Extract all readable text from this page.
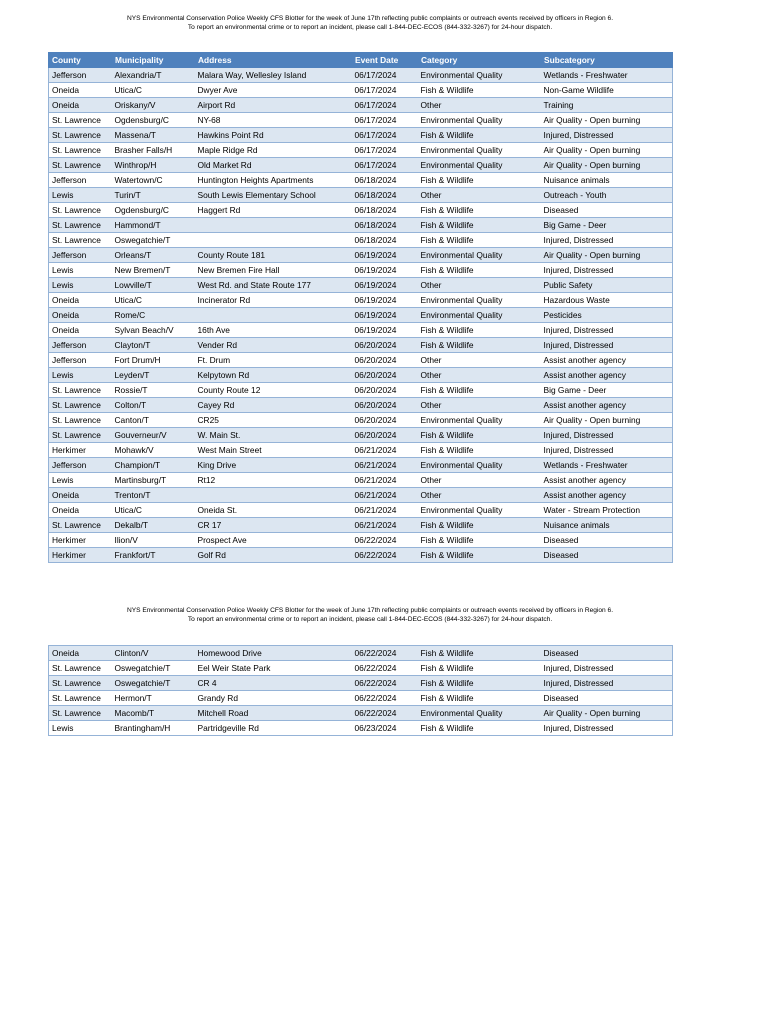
NYS Environmental Conservation Police Weekly CFS Blotter for the week of June 17th reflecting public complaints or outreach events received by officers in Region 6.
To report an environmental crime or to report an incident, please call 1-844-DEC-ECOS (844-332-3267) for 24-hour dispatch.
County	Municipality	Address	Event Date	Category	Subcategory
Jefferson	Alexandria/T	Malara Way, Wellesley Island	06/17/2024	Environmental Quality	Wetlands - Freshwater
Oneida	Utica/C	Dwyer Ave	06/17/2024	Fish & Wildlife	Non-Game Wildlife
Oneida	Oriskany/V	Airport Rd	06/17/2024	Other	Training
St. Lawrence	Ogdensburg/C	NY-68	06/17/2024	Environmental Quality	Air Quality - Open burning
St. Lawrence	Massena/T	Hawkins Point Rd	06/17/2024	Fish & Wildlife	Injured, Distressed
St. Lawrence	Brasher Falls/H	Maple Ridge Rd	06/17/2024	Environmental Quality	Air Quality - Open burning
St. Lawrence	Winthrop/H	Old Market Rd	06/17/2024	Environmental Quality	Air Quality - Open burning
Jefferson	Watertown/C	Huntington Heights Apartments	06/18/2024	Fish & Wildlife	Nuisance animals
Lewis	Turin/T	South Lewis Elementary School	06/18/2024	Other	Outreach - Youth
St. Lawrence	Ogdensburg/C	Haggert Rd	06/18/2024	Fish & Wildlife	Diseased
St. Lawrence	Hammond/T		06/18/2024	Fish & Wildlife	Big Game - Deer
St. Lawrence	Oswegatchie/T		06/18/2024	Fish & Wildlife	Injured, Distressed
Jefferson	Orleans/T	County Route 181	06/19/2024	Environmental Quality	Air Quality - Open burning
Lewis	New Bremen/T	New Bremen Fire Hall	06/19/2024	Fish & Wildlife	Injured, Distressed
Lewis	Lowville/T	West Rd. and State Route 177	06/19/2024	Other	Public Safety
Oneida	Utica/C	Incinerator Rd	06/19/2024	Environmental Quality	Hazardous Waste
Oneida	Rome/C		06/19/2024	Environmental Quality	Pesticides
Oneida	Sylvan Beach/V	16th Ave	06/19/2024	Fish & Wildlife	Injured, Distressed
Jefferson	Clayton/T	Vender Rd	06/20/2024	Fish & Wildlife	Injured, Distressed
Jefferson	Fort Drum/H	Ft. Drum	06/20/2024	Other	Assist another agency
Lewis	Leyden/T	Kelpytown Rd	06/20/2024	Other	Assist another agency
St. Lawrence	Rossie/T	County Route 12	06/20/2024	Fish & Wildlife	Big Game - Deer
St. Lawrence	Colton/T	Cayey Rd	06/20/2024	Other	Assist another agency
St. Lawrence	Canton/T	CR25	06/20/2024	Environmental Quality	Air Quality - Open burning
St. Lawrence	Gouverneur/V	W. Main St.	06/20/2024	Fish & Wildlife	Injured, Distressed
Herkimer	Mohawk/V	West Main Street	06/21/2024	Fish & Wildlife	Injured, Distressed
Jefferson	Champion/T	King Drive	06/21/2024	Environmental Quality	Wetlands - Freshwater
Lewis	Martinsburg/T	Rt12	06/21/2024	Other	Assist another agency
Oneida	Trenton/T		06/21/2024	Other	Assist another agency
Oneida	Utica/C	Oneida St.	06/21/2024	Environmental Quality	Water - Stream Protection
St. Lawrence	Dekalb/T	CR 17	06/21/2024	Fish & Wildlife	Nuisance animals
Herkimer	Ilion/V	Prospect Ave	06/22/2024	Fish & Wildlife	Diseased
Herkimer	Frankfort/T	Golf Rd	06/22/2024	Fish & Wildlife	Diseased
NYS Environmental Conservation Police Weekly CFS Blotter for the week of June 17th reflecting public complaints or outreach events received by officers in Region 6.
To report an environmental crime or to report an incident, please call 1-844-DEC-ECOS (844-332-3267) for 24-hour dispatch.
Oneida	Clinton/V	Homewood Drive	06/22/2024	Fish & Wildlife	Diseased
St. Lawrence	Oswegatchie/T	Eel Weir State Park	06/22/2024	Fish & Wildlife	Injured, Distressed
St. Lawrence	Oswegatchie/T	CR 4	06/22/2024	Fish & Wildlife	Injured, Distressed
St. Lawrence	Hermon/T	Grandy Rd	06/22/2024	Fish & Wildlife	Diseased
St. Lawrence	Macomb/T	Mitchell Road	06/22/2024	Environmental Quality	Air Quality - Open burning
Lewis	Brantingham/H	Partridgeville Rd	06/23/2024	Fish & Wildlife	Injured, Distressed
